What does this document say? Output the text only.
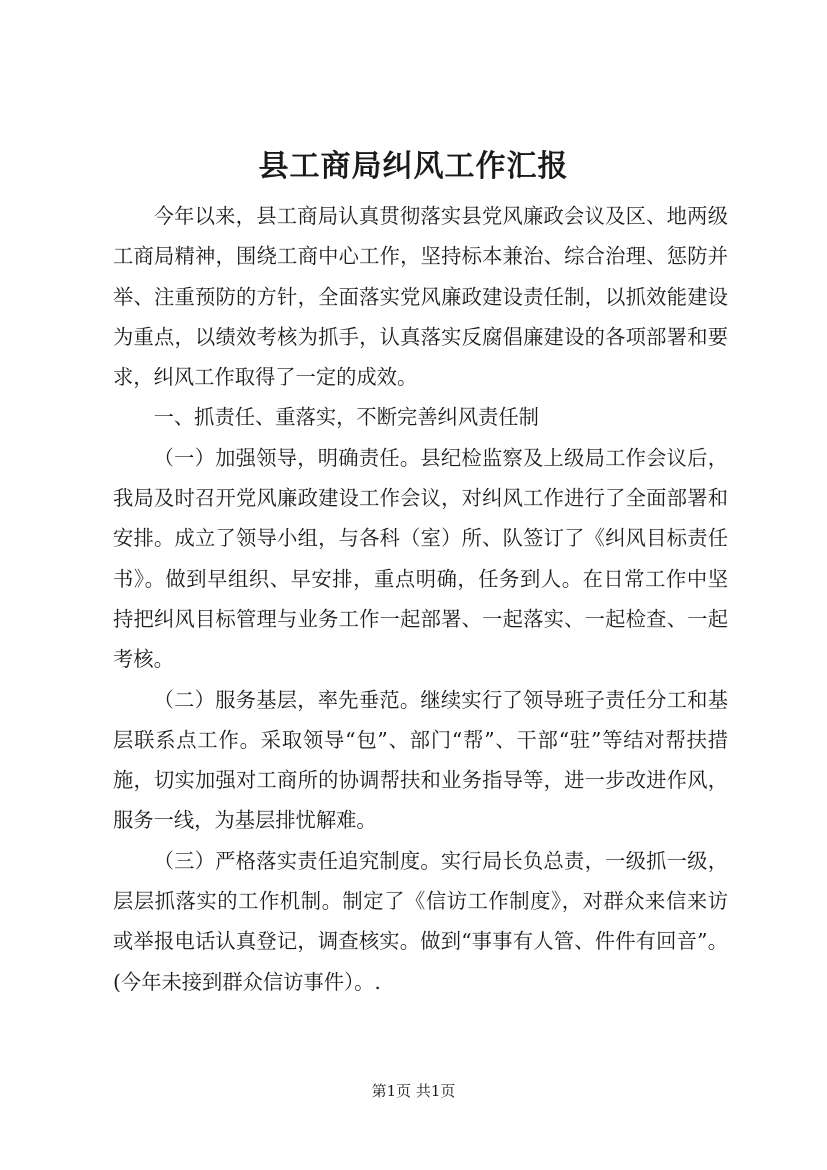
县工商局纠风工作汇报

今年以来，县工商局认真贯彻落实县党风廉政会议及区、地两级工商局精神，围绕工商中心工作，坚持标本兼治、综合治理、惩防并举、注重预防的方针，全面落实党风廉政建设责任制，以抓效能建设为重点，以绩效考核为抓手，认真落实反腐倡廉建设的各项部署和要求，纠风工作取得了一定的成效。

一、抓责任、重落实，不断完善纠风责任制

（一）加强领导，明确责任。县纪检监察及上级局工作会议后，我局及时召开党风廉政建设工作会议，对纠风工作进行了全面部署和安排。成立了领导小组，与各科（室）所、队签订了《纠风目标责任书》。做到早组织、早安排，重点明确，任务到人。在日常工作中坚持把纠风目标管理与业务工作一起部署、一起落实、一起检查、一起考核。

（二）服务基层，率先垂范。继续实行了领导班子责任分工和基层联系点工作。采取领导“包”、部门“帮”、干部“驻”等结对帮扶措施，切实加强对工商所的协调帮扶和业务指导等，进一步改进作风，服务一线，为基层排忧解难。

（三）严格落实责任追究制度。实行局长负总责，一级抓一级，层层抓落实的工作机制。制定了《信访工作制度》，对群众来信来访或举报电话认真登记，调查核实。做到“事事有人管、件件有回音”。(今年未接到群众信访事件）。.

第1页 共1页
